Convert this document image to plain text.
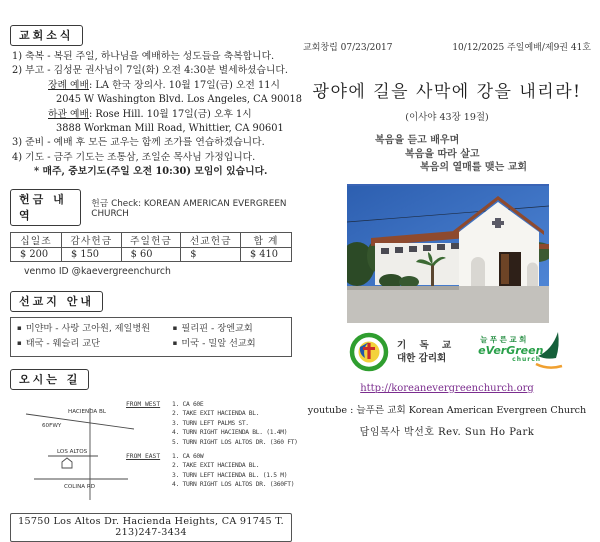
교회소식
1) 축복 - 복된 주일, 하나님을 예배하는 성도들을 축복합니다.
2) 부고 - 김성문 권사님이 7일(화) 오전 4:30분 별세하셨습니다.
장례 예배: LA 한국 장의사. 10월 17일(금) 오전 11시
2045 W Washington Blvd. Los Angeles, CA 90018
하관 예배: Rose Hill. 10월 17일(금) 오후 1시
3888 Workman Mill Road, Whittier, CA 90601
3) 준비 - 예배 후 모든 교우는 함께 조가를 연습하겠습니다.
4) 기도 - 금주 기도는 조통삼, 조일순 목사님 가정입니다.
* 매주, 중보기도(주일 오전 10:30) 모임이 있습니다.
헌금 내역
헌금 Check: KOREAN AMERICAN EVERGREEN CHURCH
십일조	감사헌금	주일헌금	선교헌금	합 계
$ 200	$ 150	$ 60	$	$ 410
venmo ID @kaevergreenchurch
선교지 안내
▪ 미얀마 - 사랑 고아원, 제일병원	▪ 필리핀 - 장엔교회
▪ 태국 - 웨슬리 교단	▪ 미국 - 밀알 선교회
오시는 길
HACIENDA BL
60FWY
LOS ALTOS
COLINA RD
FROM WEST	1. CA 60E
2. TAKE EXIT HACIENDA BL.
3. TURN LEFT PALMS ST.
4. TURN RIGHT HACIENDA BL. (1.4M)
5. TURN RIGHT LOS ALTOS DR. (360 FT)
FROM EAST	1. CA 60W
2. TAKE EXIT HACIENDA BL.
3. TURN LEFT HACIENDA BL. (1.5 M)
4. TURN RIGHT LOS ALTOS DR. (360FT)
15750 Los Altos Dr. Hacienda Heights, CA 91745 T. 213)247-3434
교회창립 07/23/2017	10/12/2025 주일예배/제9권 41호
광야에 길을 사막에 강을 내리라!
(이사야 43장 19절)
복음을 듣고 배우며
복음을 따라 살고
복음의 열매를 맺는 교회
기 독 교
대한 감리회
늘푸른교회
eVerGreen
church
http://koreanevergreenchurch.org
youtube : 늘푸른 교회 Korean American Evergreen Church
담임목사 박선호 Rev. Sun Ho Park
